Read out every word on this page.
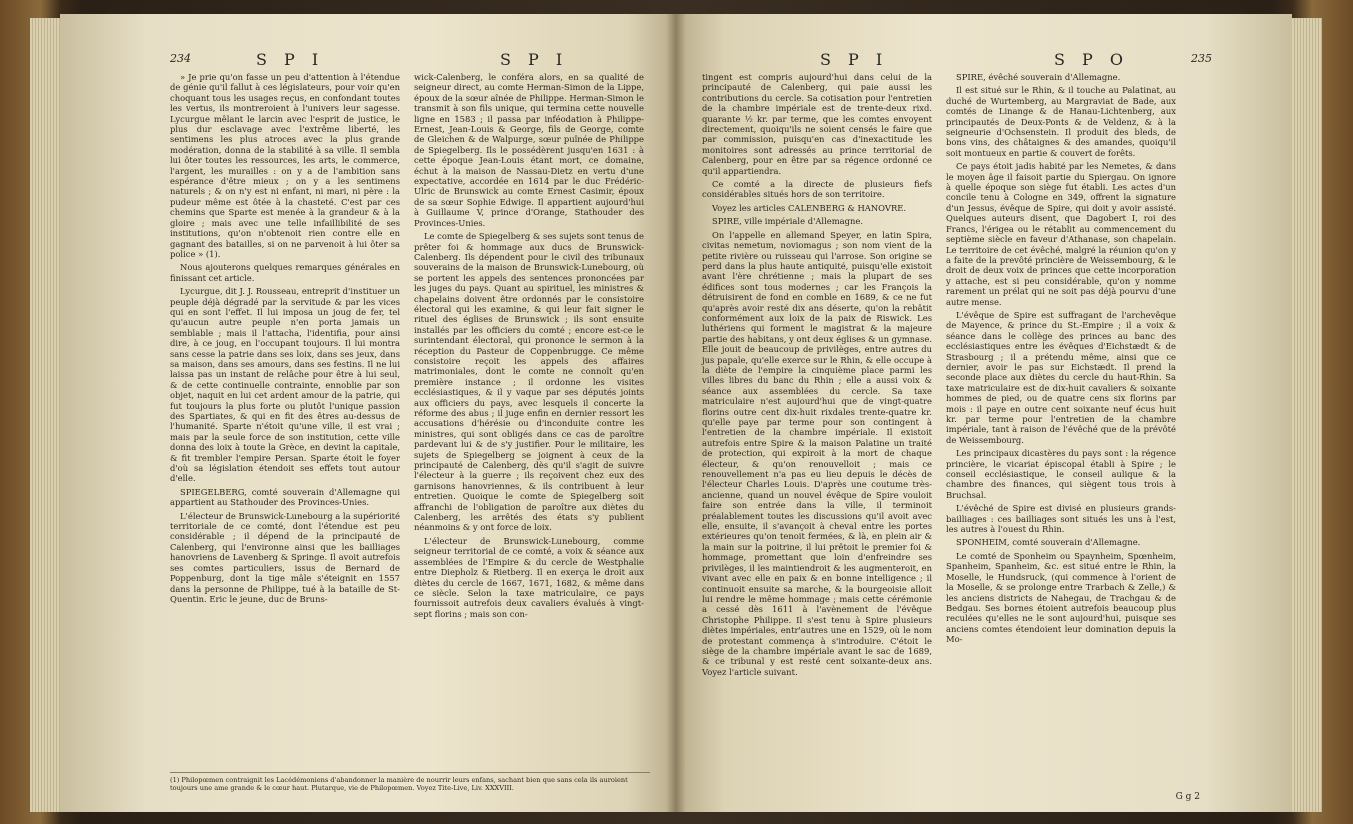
234	S P I	S P I

» Je prie qu'on fasse un peu d'attention à l'étendue de génie qu'il fallut à ces législateurs, pour voir qu'en choquant tous les usages reçus, en confondant toutes les vertus, ils montreroient à l'univers leur sagesse. Lycurgue mêlant le larcin avec l'esprit de justice, le plus dur esclavage avec l'extrême liberté, les sentimens les plus atroces avec la plus grande modération, donna de la stabilité à sa ville. Il sembla lui ôter toutes les ressources, les arts, le commerce, l'argent, les murailles : on y a de l'ambition sans espérance d'être mieux ; on y a les sentimens naturels ; & on n'y est ni enfant, ni mari, ni père : la pudeur même est ôtée à la chasteté. C'est par ces chemins que Sparte est menée à la grandeur & à la gloire ; mais avec une telle infaillibilité de ses institutions, qu'on n'obtenoit rien contre elle en gagnant des batailles, si on ne parvenoit à lui ôter sa police » (1).

Nous ajouterons quelques remarques générales en finissant cet article.

Lycurgue, dit J. J. Rousseau, entreprit d'instituer un peuple déjà dégradé par la servitude & par les vices qui en sont l'effet. Il lui imposa un joug de fer, tel qu'aucun autre peuple n'en porta jamais un semblable ; mais il l'attacha, l'identifia, pour ainsi dire, à ce joug, en l'occupant toujours. Il lui montra sans cesse la patrie dans ses loix, dans ses jeux, dans sa maison, dans ses amours, dans ses festins. Il ne lui laissa pas un instant de relâche pour être à lui seul, & de cette continuelle contrainte, ennoblie par son objet, naquit en lui cet ardent amour de la patrie, qui fut toujours la plus forte ou plutôt l'unique passion des Spartiates, & qui en fit des êtres au-dessus de l'humanité. Sparte n'étoit qu'une ville, il est vrai ; mais par la seule force de son institution, cette ville donna des loix à toute la Grèce, en devint la capitale, & fit trembler l'empire Persan. Sparte étoit le foyer d'où sa législation étendoit ses effets tout autour d'elle.

SPIEGELBERG, comté souverain d'Allemagne qui appartient au Stathouder des Provinces-Unies.

L'électeur de Brunswick-Lunebourg a la supériorité territoriale de ce comté, dont l'étendue est peu considérable ; il dépend de la principauté de Calenberg, qui l'environne ainsi que les bailliages hanovriens de Lavenberg & Springe. Il avoit autrefois ses comtes particuliers, issus de Bernard de Poppenburg, dont la tige mâle s'éteignit en 1557 dans la personne de Philippe, tué à la bataille de St-Quentin. Eric le jeune, duc de Bruns-

wick-Calenberg, le conféra alors, en sa qualité de seigneur direct, au comte Herman-Simon de la Lippe, époux de la sœur aînée de Philippe. Herman-Simon le transmit à son fils unique, qui termina cette nouvelle ligne en 1583 ; il passa par inféodation à Philippe-Ernest, Jean-Louis & George, fils de George, comte de Gleichen & de Walpurge, sœur puînée de Philippe de Spiegelberg. Ils le possédèrent jusqu'en 1631 : à cette époque Jean-Louis étant mort, ce domaine, échut à la maison de Nassau-Dietz en vertu d'une expectative, accordée en 1614 par le duc Frédéric-Ulric de Brunswick au comte Ernest Casimir, époux de sa sœur Sophie Edwige. Il appartient aujourd'hui à Guillaume V, prince d'Orange, Stathouder des Provinces-Unies.

Le comte de Spiegelberg & ses sujets sont tenus de prêter foi & hommage aux ducs de Brunswick-Calenberg. Ils dépendent pour le civil des tribunaux souverains de la maison de Brunswick-Lunebourg, où se portent les appels des sentences prononcées par les juges du pays. Quant au spirituel, les ministres & chapelains doivent être ordonnés par le consistoire électoral qui les examine, & qui leur fait signer le rituel des églises de Brunswick ; ils sont ensuite installés par les officiers du comté ; encore est-ce le surintendant électoral, qui prononce le sermon à la réception du Pasteur de Coppenbrugge. Ce même consistoire reçoit les appels des affaires matrimoniales, dont le comte ne connoît qu'en première instance ; il ordonne les visites ecclésiastiques, & il y vaque par ses députés joints aux officiers du pays, avec lesquels il concerte la réforme des abus ; il juge enfin en dernier ressort les accusations d'hérésie ou d'inconduite contre les ministres, qui sont obligés dans ce cas de paroître pardevant lui & de s'y justifier. Pour le militaire, les sujets de Spiegelberg se joignent à ceux de la principauté de Calenberg, dès qu'il s'agit de suivre l'électeur à la guerre ; ils reçoivent chez eux des garnisons hanovriennes, & ils contribuent à leur entretien. Quoique le comte de Spiegelberg soit affranchi de l'obligation de paroître aux diètes du Calenberg, les arrêtés des états s'y publient néanmoins & y ont force de loix.

L'électeur de Brunswick-Lunebourg, comme seigneur territorial de ce comté, a voix & séance aux assemblées de l'Empire & du cercle de Westphalie entre Diepholz & Rietberg. Il en exerça le droit aux diètes du cercle de 1667, 1671, 1682, & même dans ce siècle. Selon la taxe matriculaire, ce pays fournissoit autrefois deux cavaliers évalués à vingt-sept florins ; mais son con-

(1) Philopœmen contraignit les Lacédémoniens d'abandonner la manière de nourrir leurs enfans, sachant bien que sans cela ils auroient toujours une ame grande & le cœur haut. Plutarque, vie de Philopœmen. Voyez Tite-Live, Liv. XXXVIII.
S P I	S P O	235

tingent est compris aujourd'hui dans celui de la principauté de Calenberg, qui paie aussi les contributions du cercle. Sa cotisation pour l'entretien de la chambre impériale est de trente-deux rixd. quarante ½ kr. par terme, que les comtes envoyent directement, quoiqu'ils ne soient censés le faire que par commission, puisqu'en cas d'inexactitude les monitoires sont adressés au prince territorial de Calenberg, pour en être par sa régence ordonné ce qu'il appartiendra.

Ce comté a la directe de plusieurs fiefs considérables situés hors de son territoire.

Voyez les articles CALENBERG & HANOVRE.

SPIRE, ville impériale d'Allemagne.

On l'appelle en allemand Speyer, en latin Spira, civitas nemetum, noviomagus ; son nom vient de la petite rivière ou ruisseau qui l'arrose. Son origine se perd dans la plus haute antiquité, puisqu'elle existoit avant l'ère chrétienne ; mais la plupart de ses édifices sont tous modernes ; car les François la détruisirent de fond en comble en 1689, & ce ne fut qu'après avoir resté dix ans déserte, qu'on la rebâtit conformément aux loix de la paix de Riswick. Les luthériens qui forment le magistrat & la majeure partie des habitans, y ont deux églises & un gymnase. Elle jouit de beaucoup de privilèges, entre autres du jus papale, qu'elle exerce sur le Rhin, & elle occupe à la diète de l'empire la cinquième place parmi les villes libres du banc du Rhin ; elle a aussi voix & séance aux assemblées du cercle. Sa taxe matriculaire n'est aujourd'hui que de vingt-quatre florins outre cent dix-huit rixdales trente-quatre kr. qu'elle paye par terme pour son contingent à l'entretien de la chambre impériale. Il existoit autrefois entre Spire & la maison Palatine un traité de protection, qui expiroit à la mort de chaque électeur, & qu'on renouvelloit ; mais ce renouvellement n'a pas eu lieu depuis le décès de l'électeur Charles Louis. D'après une coutume très-ancienne, quand un nouvel évêque de Spire vouloit faire son entrée dans la ville, il terminoit préalablement toutes les discussions qu'il avoit avec elle, ensuite, il s'avançoit à cheval entre les portes extérieures qu'on tenoit fermées, & là, en plein air & la main sur la poitrine, il lui prêtoit le premier foi & hommage, promettant que loin d'enfreindre ses privilèges, il les maintiendroit & les augmenteroit, en vivant avec elle en paix & en bonne intelligence ; il continuoit ensuite sa marche, & la bourgeoisie alloit lui rendre le même hommage ; mais cette cérémonie a cessé dès 1611 à l'avènement de l'évêque Christophe Philippe. Il s'est tenu à Spire plusieurs diètes impériales, entr'autres une en 1529, où le nom de protestant commença à s'introduire. C'étoit le siège de la chambre impériale avant le sac de 1689, & ce tribunal y est resté cent soixante-deux ans. Voyez l'article suivant.

SPIRE, évêché souverain d'Allemagne.

Il est situé sur le Rhin, & il touche au Palatinat, au duché de Wurtemberg, au Margraviat de Bade, aux comtés de Linange & de Hanau-Lichtenberg, aux principautés de Deux-Ponts & de Veldenz, & à la seigneurie d'Ochsenstein. Il produit des bleds, de bons vins, des châtaignes & des amandes, quoiqu'il soit montueux en partie & couvert de forêts.

Ce pays étoit jadis habité par les Nemetes, & dans le moyen âge il faisoit partie du Spiergau. On ignore à quelle époque son siège fut établi. Les actes d'un concile tenu à Cologne en 349, offrent la signature d'un Jessus, évêque de Spire, qui doit y avoir assisté. Quelques auteurs disent, que Dagobert I, roi des Francs, l'érigea ou le rétablit au commencement du septième siècle en faveur d'Athanase, son chapelain. Le territoire de cet évêché, malgré la réunion qu'on y a faite de la prevôté princière de Weissembourg, & le droit de deux voix de princes que cette incorporation y attache, est si peu considérable, qu'on y nomme rarement un prélat qui ne soit pas déjà pourvu d'une autre mense.

L'évêque de Spire est suffragant de l'archevêque de Mayence, & prince du St.-Empire ; il a voix & séance dans le collège des princes au banc des ecclésiastiques entre les évêques d'Eichstædt & de Strasbourg ; il a prétendu même, ainsi que ce dernier, avoir le pas sur Eichstædt. Il prend la seconde place aux diètes du cercle du haut-Rhin. Sa taxe matriculaire est de dix-huit cavaliers & soixante hommes de pied, ou de quatre cens six florins par mois : il paye en outre cent soixante neuf écus huit kr. par terme pour l'entretien de la chambre impériale, tant à raison de l'évêché que de la prévôté de Weissembourg.

Les principaux dicastères du pays sont : la régence princière, le vicariat épiscopal établi à Spire ; le conseil ecclésiastique, le conseil aulique & la chambre des finances, qui siègent tous trois à Bruchsal.

L'évêché de Spire est divisé en plusieurs grands-bailliages : ces bailliages sont situés les uns à l'est, les autres à l'ouest du Rhin.

SPONHEIM, comté souverain d'Allemagne.

Le comté de Sponheim ou Spaynheim, Spœnheim, Spanheim, Spanheim, &c. est situé entre le Rhin, la Moselle, le Hundsruck, (qui commence à l'orient de la Moselle, & se prolonge entre Trarbach & Zelle,) & les anciens districts de Nahegau, de Trachgau & de Bedgau. Ses bornes étoient autrefois beaucoup plus reculées qu'elles ne le sont aujourd'hui, puisque ses anciens comtes étendoient leur domination depuis la Mo-

G g 2
